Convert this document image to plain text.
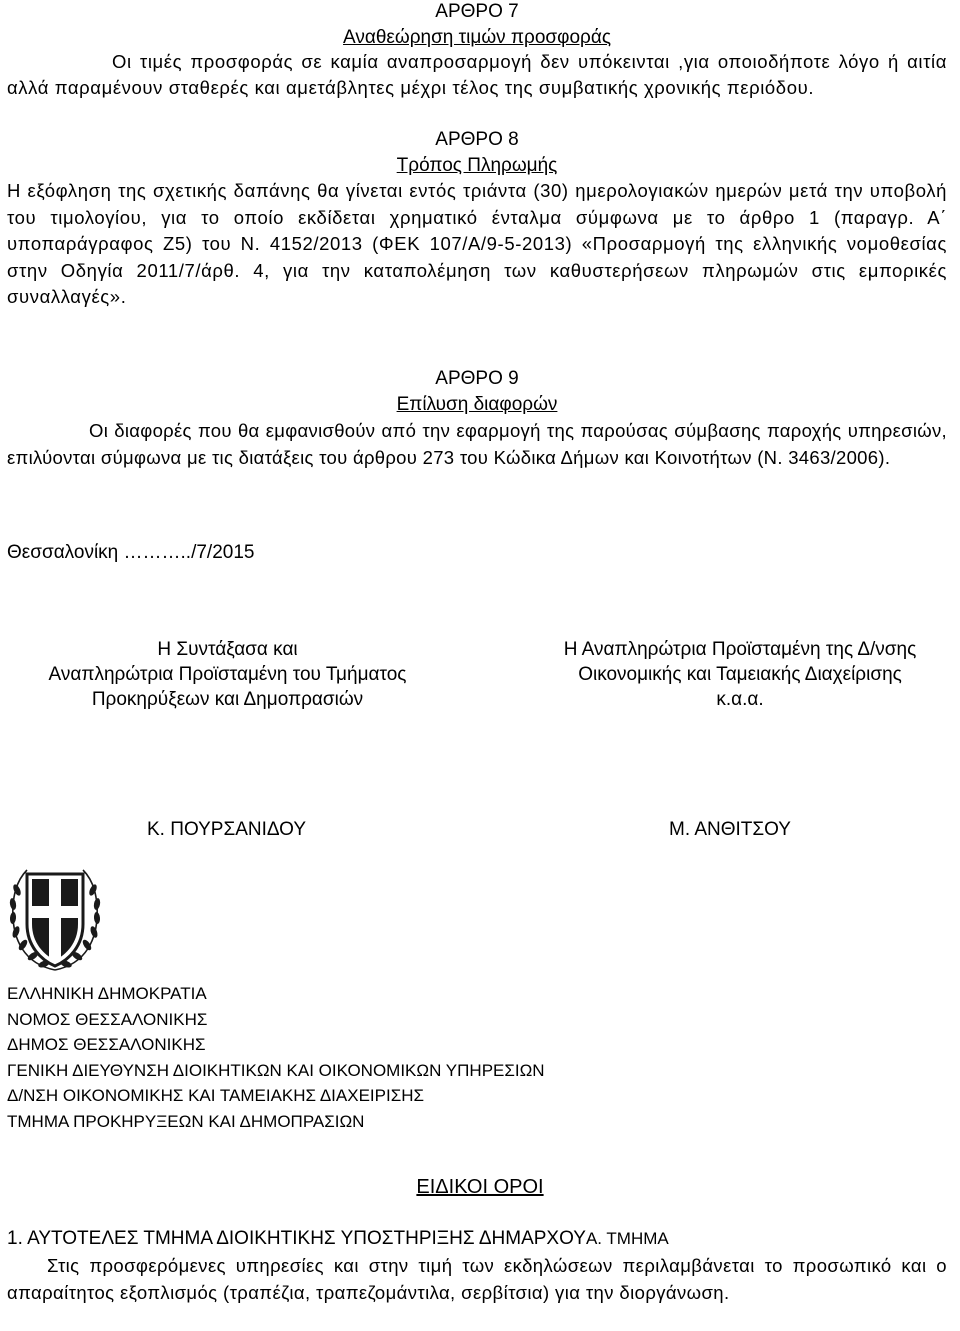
ΑΡΘΡΟ 7

Αναθεώρηση τιμών προσφοράς

Οι τιμές προσφοράς σε καμία αναπροσαρμογή δεν υπόκεινται ,για οποιοδήποτε λόγο ή αιτία αλλά παραμένουν σταθερές και αμετάβλητες μέχρι τέλος της συμβατικής χρονικής περιόδου.

ΑΡΘΡΟ 8

Τρόπος Πληρωμής

Η εξόφληση της σχετικής δαπάνης θα γίνεται εντός τριάντα (30) ημερολογιακών ημερών μετά την υποβολή του τιμολογίου, για το οποίο εκδίδεται χρηματικό ένταλμα σύμφωνα με το άρθρο 1 (παραγρ. Α΄ υποπαράγραφος Ζ5) του Ν. 4152/2013 (ΦΕΚ 107/Α/9-5-2013) «Προσαρμογή της ελληνικής νομοθεσίας στην Οδηγία 2011/7/άρθ. 4, για την καταπολέμηση των καθυστερήσεων πληρωμών στις εμπορικές συναλλαγές».

ΑΡΘΡΟ 9

Επίλυση διαφορών

Οι διαφορές που θα εμφανισθούν από την εφαρμογή της παρούσας σύμβασης παροχής υπηρεσιών, επιλύονται σύμφωνα με τις διατάξεις του άρθρου 273 του Κώδικα Δήμων και Κοινοτήτων (Ν. 3463/2006).

Θεσσαλονίκη ………../7/2015
Η Συντάξασα και
Αναπληρώτρια Προϊσταμένη του Τμήματος
Προκηρύξεων και Δημοπρασιών
Η Αναπληρώτρια Προϊσταμένη της Δ/νσης
Οικονομικής και Ταμειακής Διαχείρισης
κ.α.α.
Κ. ΠΟΥΡΣΑΝΙΔΟΥ	Μ. ΑΝΘΙΤΣΟΥ
ΕΛΛΗΝΙΚΗ ΔΗΜΟΚΡΑΤΙΑ
ΝΟΜΟΣ ΘΕΣΣΑΛΟΝΙΚΗΣ
ΔΗΜΟΣ ΘΕΣΣΑΛΟΝΙΚΗΣ
ΓΕΝΙΚΗ ΔΙΕΥΘΥΝΣΗ ΔΙΟΙΚΗΤΙΚΩΝ ΚΑΙ ΟΙΚΟΝΟΜΙΚΩΝ ΥΠΗΡΕΣΙΩΝ
Δ/ΝΣΗ ΟΙΚΟΝΟΜΙΚΗΣ ΚΑΙ ΤΑΜΕΙΑΚΗΣ ΔΙΑΧΕΙΡΙΣΗΣ
ΤΜΗΜΑ ΠΡΟΚΗΡΥΞΕΩΝ ΚΑΙ ΔΗΜΟΠΡΑΣΙΩΝ
ΕΙΔΙΚΟΙ ΟΡΟΙ
1. ΑΥΤΟΤΕΛΕΣ ΤΜΗΜΑ ΔΙΟΙΚΗΤΙΚΗΣ ΥΠΟΣΤΗΡΙΞΗΣ ΔΗΜΑΡΧΟΥΑ. ΤΜΗΜΑ

Στις προσφερόμενες υπηρεσίες και στην τιμή των εκδηλώσεων περιλαμβάνεται το προσωπικό και ο απαραίτητος εξοπλισμός (τραπέζια, τραπεζομάντιλα, σερβίτσια) για την διοργάνωση.
